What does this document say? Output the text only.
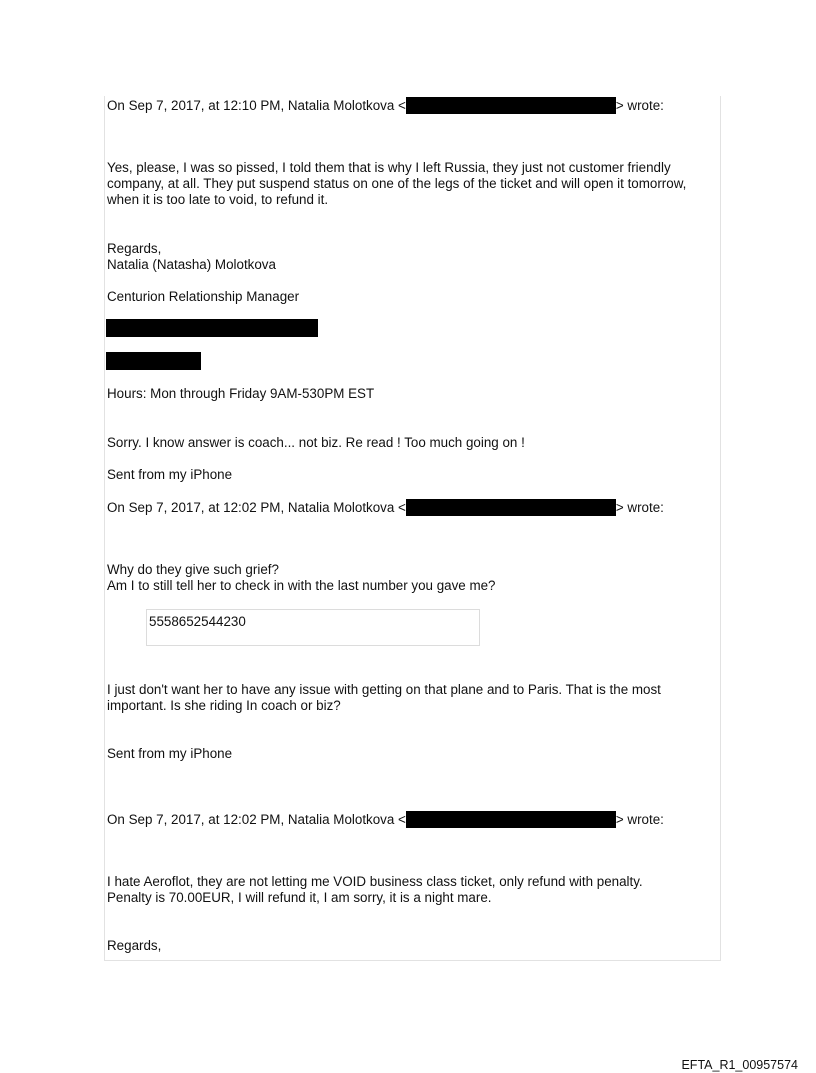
On Sep 7, 2017, at 12:10 PM, Natalia Molotkova <	> wrote:
Yes, please, I was so pissed, I told them that is why I left Russia, they just not customer friendly
company, at all. They put suspend status on one of the legs of the ticket and will open it tomorrow,
when it is too late to void, to refund it.
Regards,
Natalia (Natasha) Molotkova
Centurion Relationship Manager
Hours: Mon through Friday 9AM-530PM EST
Sorry. I know answer is coach... not biz. Re read ! Too much going on !
Sent from my iPhone
On Sep 7, 2017, at 12:02 PM, Natalia Molotkova <	> wrote:
Why do they give such grief?
Am I to still tell her to check in with the last number you gave me?
5558652544230
I just don't want her to have any issue with getting on that plane and to Paris. That is the most
important. Is she riding In coach or biz?
Sent from my iPhone
On Sep 7, 2017, at 12:02 PM, Natalia Molotkova <	> wrote:
I hate Aeroflot, they are not letting me VOID business class ticket, only refund with penalty.
Penalty is 70.00EUR, I will refund it, I am sorry, it is a night mare.
Regards,
EFTA_R1_00957574
